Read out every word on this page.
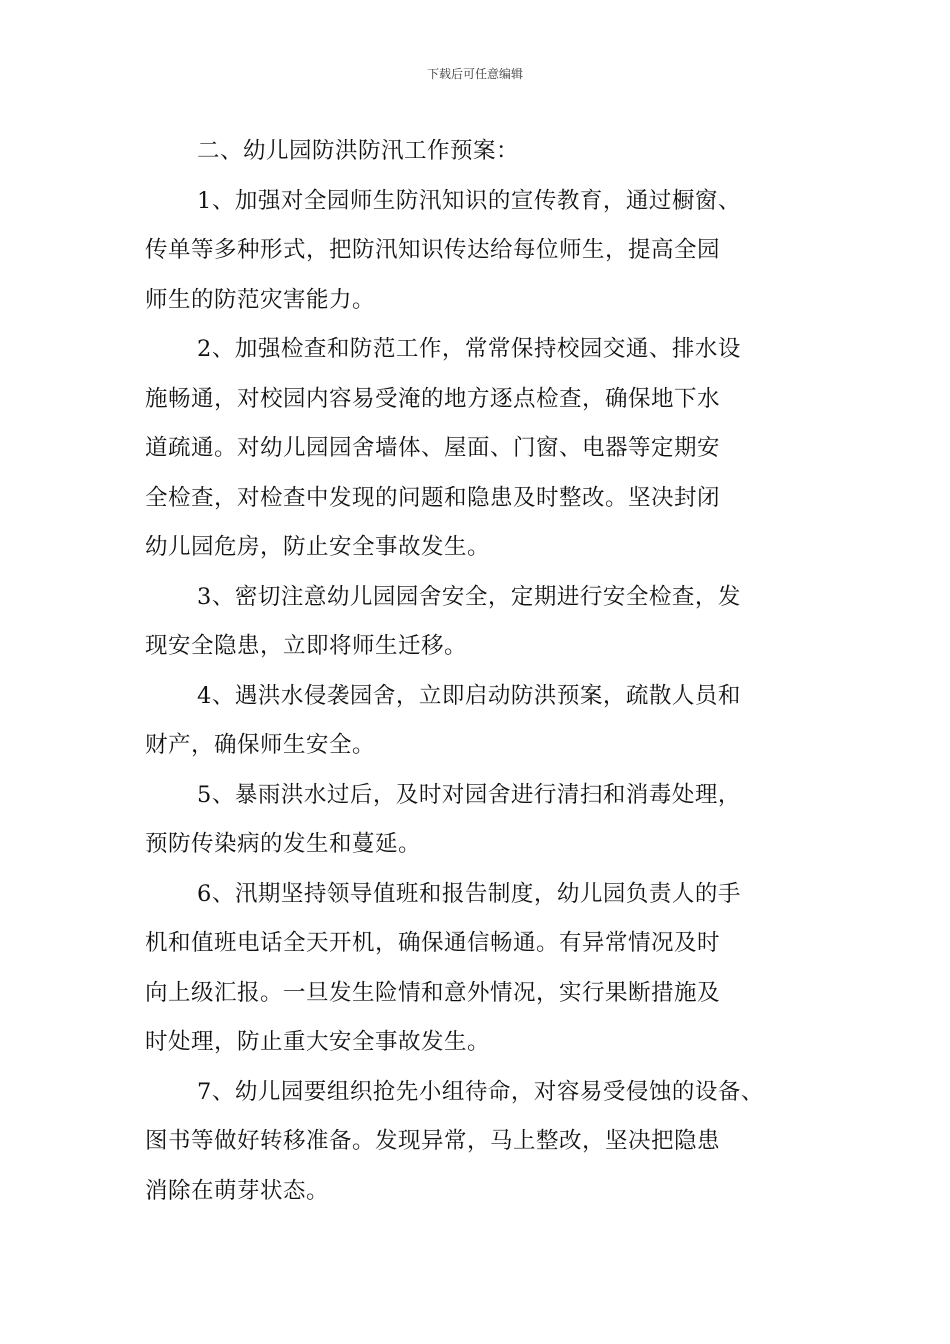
下载后可任意编辑

二、幼儿园防洪防汛工作预案：

1、加强对全园师生防汛知识的宣传教育，通过橱窗、
传单等多种形式，把防汛知识传达给每位师生，提高全园
师生的防范灾害能力。

2、加强检查和防范工作，常常保持校园交通、排水设
施畅通，对校园内容易受淹的地方逐点检查，确保地下水
道疏通。对幼儿园园舍墙体、屋面、门窗、电器等定期安
全检查，对检查中发现的问题和隐患及时整改。坚决封闭
幼儿园危房，防止安全事故发生。

3、密切注意幼儿园园舍安全，定期进行安全检查，发
现安全隐患，立即将师生迁移。

4、遇洪水侵袭园舍，立即启动防洪预案，疏散人员和
财产，确保师生安全。

5、暴雨洪水过后，及时对园舍进行清扫和消毒处理，
预防传染病的发生和蔓延。

6、汛期坚持领导值班和报告制度，幼儿园负责人的手
机和值班电话全天开机，确保通信畅通。有异常情况及时
向上级汇报。一旦发生险情和意外情况，实行果断措施及
时处理，防止重大安全事故发生。

7、幼儿园要组织抢先小组待命，对容易受侵蚀的设备、
图书等做好转移准备。发现异常，马上整改，坚决把隐患
消除在萌芽状态。
